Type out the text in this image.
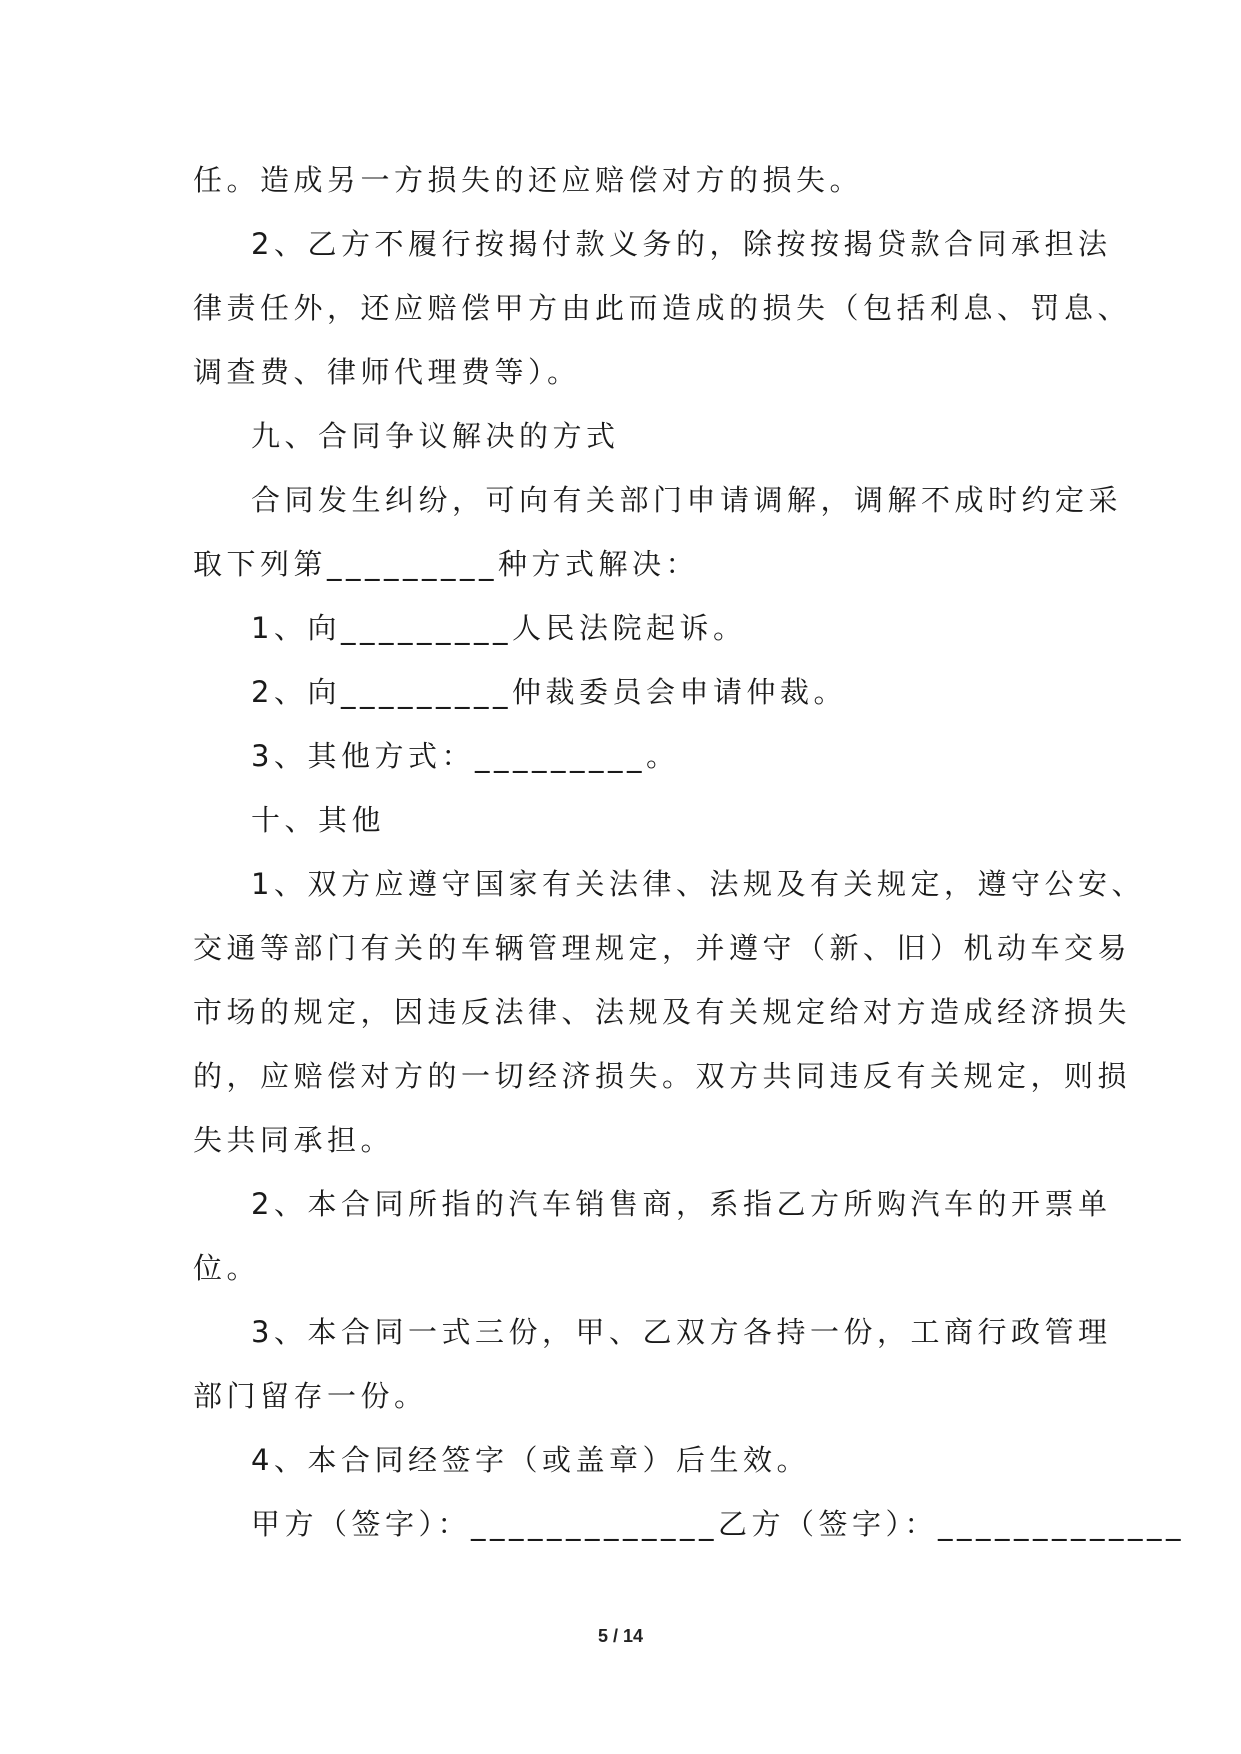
任。造成另一方损失的还应赔偿对方的损失。
2、乙方不履行按揭付款义务的，除按按揭贷款合同承担法
律责任外，还应赔偿甲方由此而造成的损失（包括利息、罚息、
调查费、律师代理费等）。
九、合同争议解决的方式
合同发生纠纷，可向有关部门申请调解，调解不成时约定采
取下列第_________种方式解决：
1、向_________人民法院起诉。
2、向_________仲裁委员会申请仲裁。
3、其他方式：_________。
十、其他
1、双方应遵守国家有关法律、法规及有关规定，遵守公安、
交通等部门有关的车辆管理规定，并遵守（新、旧）机动车交易
市场的规定，因违反法律、法规及有关规定给对方造成经济损失
的，应赔偿对方的一切经济损失。双方共同违反有关规定，则损
失共同承担。
2、本合同所指的汽车销售商，系指乙方所购汽车的开票单
位。
3、本合同一式三份，甲、乙双方各持一份，工商行政管理
部门留存一份。
4、本合同经签字（或盖章）后生效。
甲方（签字）：_____________乙方（签字）：_____________
5 / 14
